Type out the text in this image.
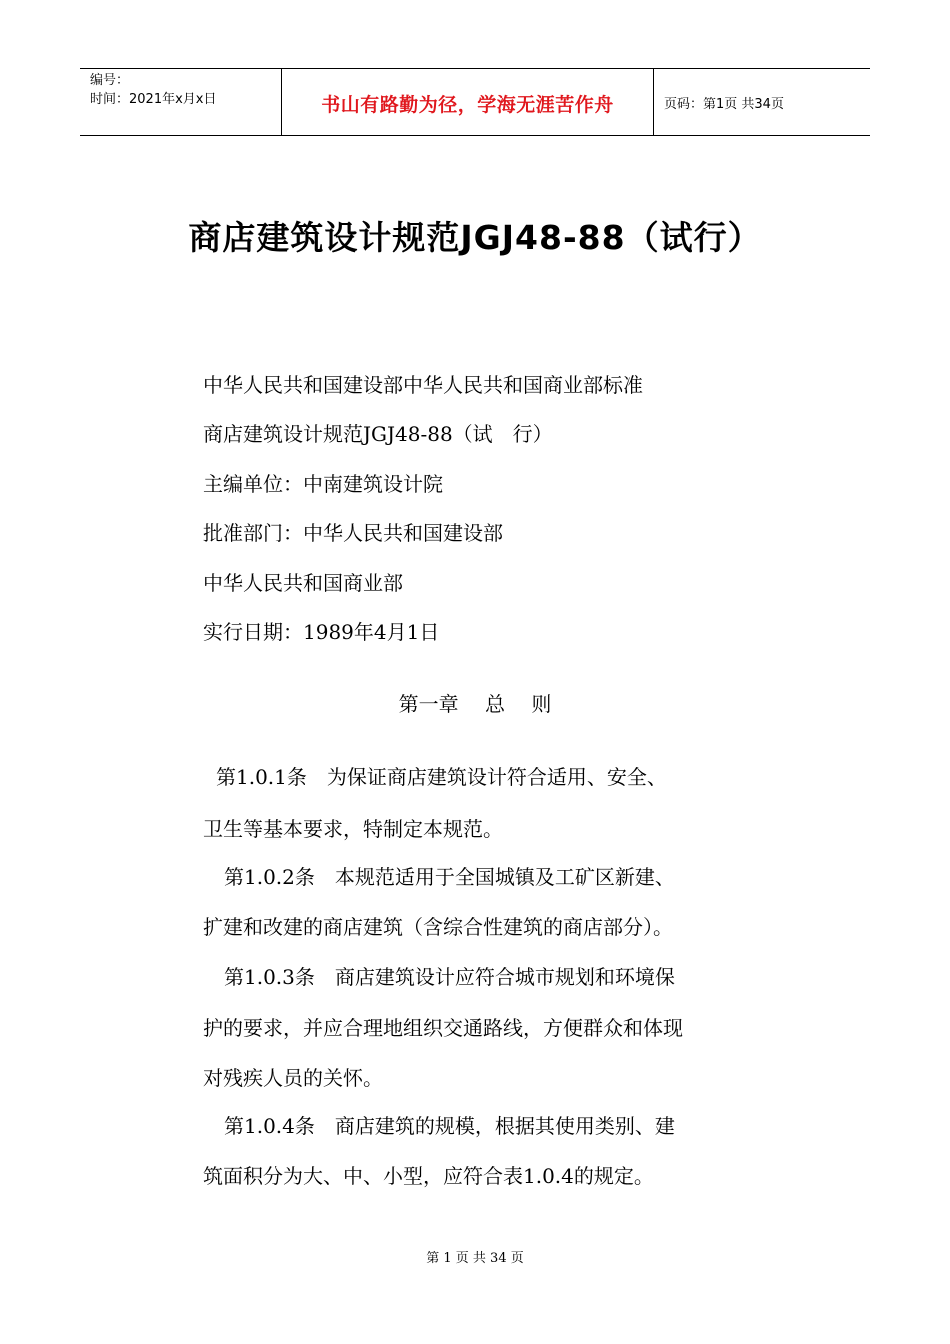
编号：
时间：2021年x月x日	书山有路勤为径，学海无涯苦作舟	页码：第1页 共34页
商店建筑设计规范JGJ48-88（试行）
中华人民共和国建设部中华人民共和国商业部标准
商店建筑设计规范JGJ48-88（试　行）
主编单位：中南建筑设计院
批准部门：中华人民共和国建设部
中华人民共和国商业部
实行日期：1989年4月1日
第一章　 总　 则
第1.0.1条　为保证商店建筑设计符合适用、安全、
卫生等基本要求，特制定本规范。
第1.0.2条　本规范适用于全国城镇及工矿区新建、
扩建和改建的商店建筑（含综合性建筑的商店部分）。
第1.0.3条　商店建筑设计应符合城市规划和环境保
护的要求，并应合理地组织交通路线，方便群众和体现
对残疾人员的关怀。
第1.0.4条　商店建筑的规模，根据其使用类别、建
筑面积分为大、中、小型，应符合表1.0.4的规定。
第 1 页 共 34 页
